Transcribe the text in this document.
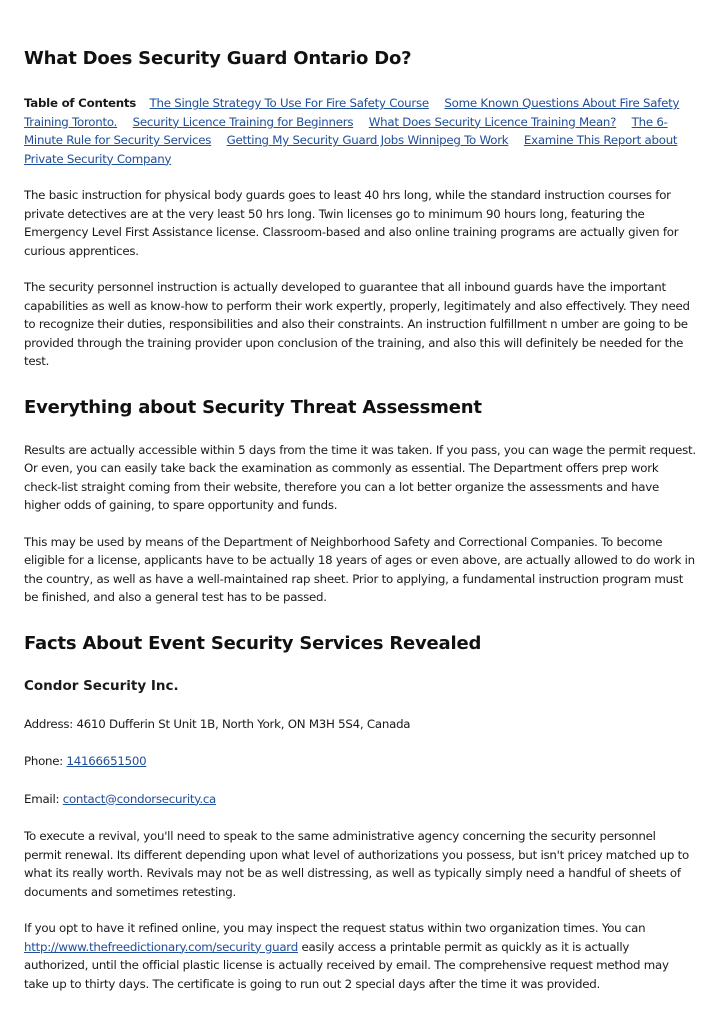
What Does Security Guard Ontario Do?
Table of Contents The Single Strategy To Use For Fire Safety Course Some Known Questions About Fire Safety Training Toronto. Security Licence Training for Beginners What Does Security Licence Training Mean? The 6-Minute Rule for Security Services Getting My Security Guard Jobs Winnipeg To Work Examine This Report about Private Security Company

The basic instruction for physical body guards goes to least 40 hrs long, while the standard instruction courses for private detectives are at the very least 50 hrs long. Twin licenses go to minimum 90 hours long, featuring the Emergency Level First Assistance license. Classroom-based and also online training programs are actually given for curious apprentices.

The security personnel instruction is actually developed to guarantee that all inbound guards have the important capabilities as well as know-how to perform their work expertly, properly, legitimately and also effectively. They need to recognize their duties, responsibilities and also their constraints. An instruction fulfillment n umber are going to be provided through the training provider upon conclusion of the training, and also this will definitely be needed for the test.

Everything about Security Threat Assessment

Results are actually accessible within 5 days from the time it was taken. If you pass, you can wage the permit request. Or even, you can easily take back the examination as commonly as essential. The Department offers prep work check-list straight coming from their website, therefore you can a lot better organize the assessments and have higher odds of gaining, to spare opportunity and funds.

This may be used by means of the Department of Neighborhood Safety and Correctional Companies. To become eligible for a license, applicants have to be actually 18 years of ages or even above, are actually allowed to do work in the country, as well as have a well-maintained rap sheet. Prior to applying, a fundamental instruction program must be finished, and also a general test has to be passed.

Facts About Event Security Services Revealed
Condor Security Inc.
Address: 4610 Dufferin St Unit 1B, North York, ON M3H 5S4, Canada
Phone: 14166651500
Email: contact@condorsecurity.ca

To execute a revival, you'll need to speak to the same administrative agency concerning the security personnel permit renewal. Its different depending upon what level of authorizations you possess, but isn't pricey matched up to what its really worth. Revivals may not be as well distressing, as well as typically simply need a handful of sheets of documents and sometimes retesting.

If you opt to have it refined online, you may inspect the request status within two organization times. You can http://www.thefreedictionary.com/security guard easily access a printable permit as quickly as it is actually authorized, until the official plastic license is actually received by email. The comprehensive request method may take up to thirty days. The certificate is going to run out 2 special days after the time it was provided.
